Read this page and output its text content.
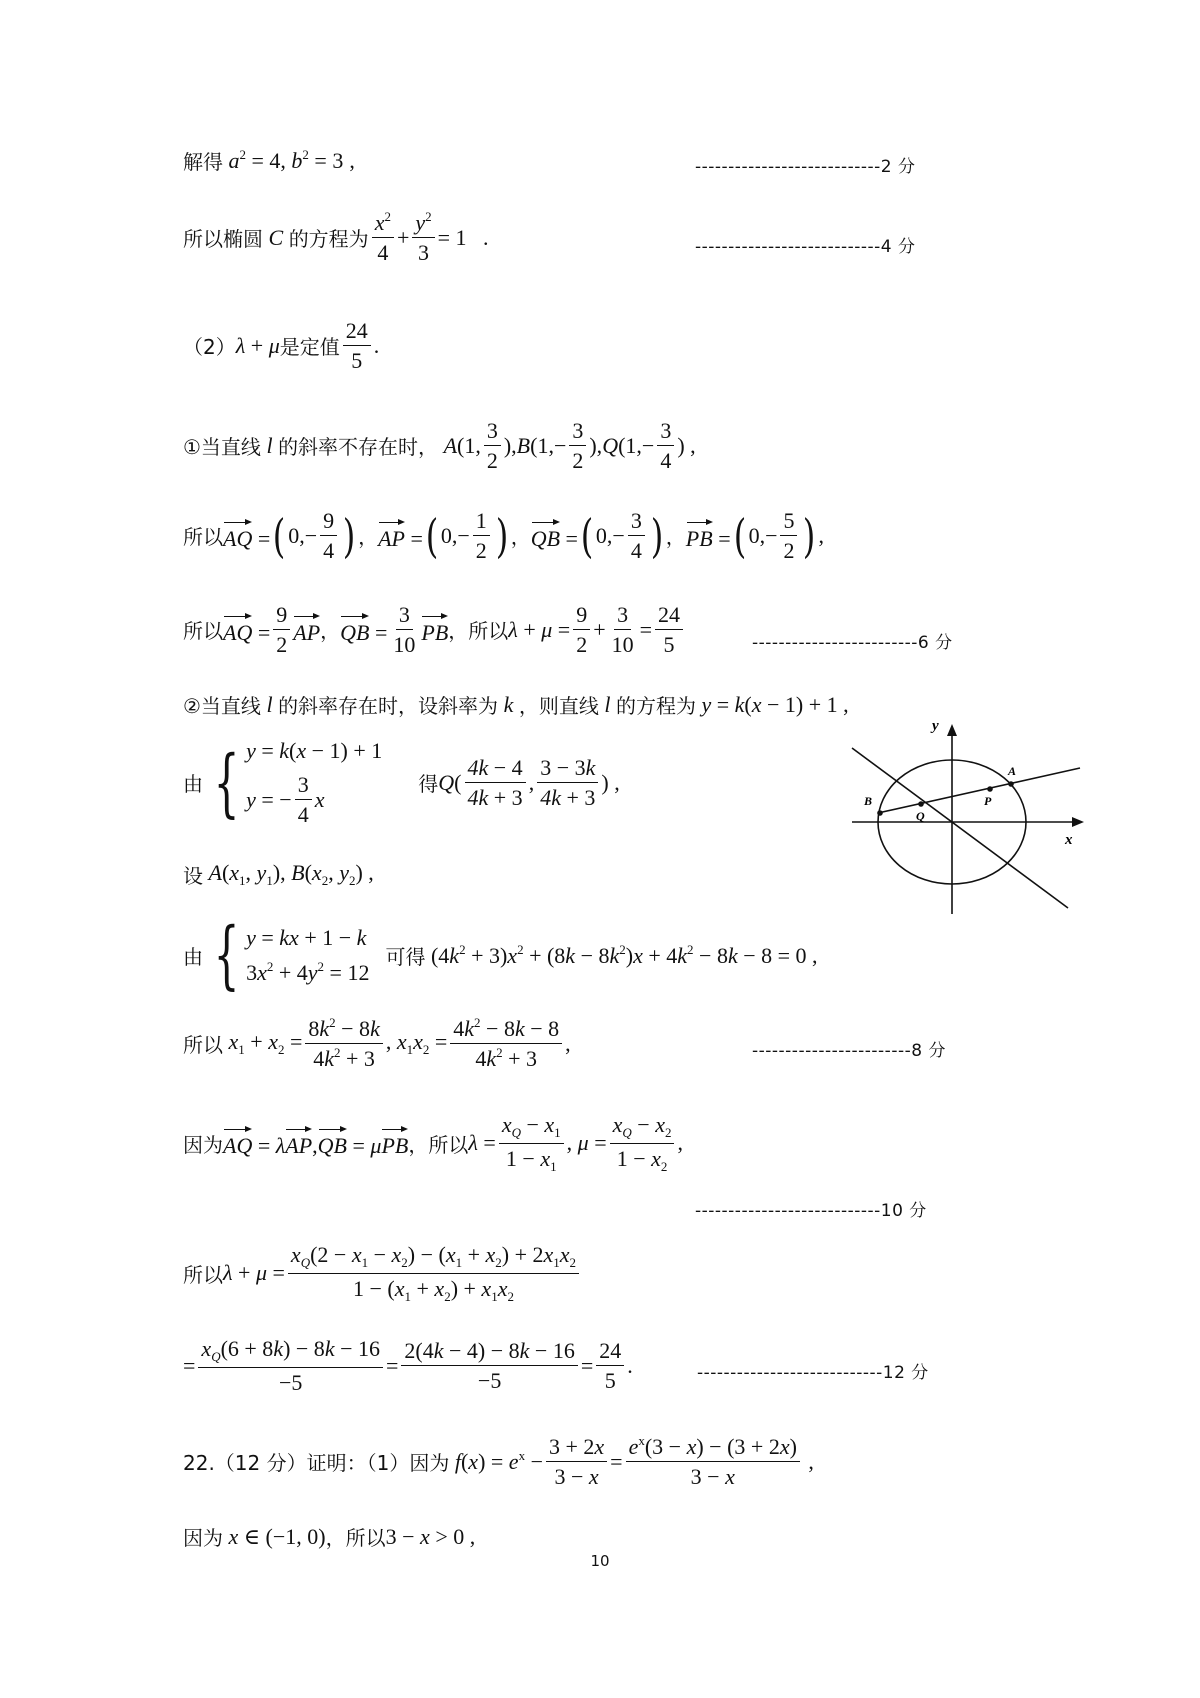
解得 $a^2 = 4$, $b^2 = 3$ ,	----------------------------2 分
所以椭圆 C 的方程为 $\frac{x^2}{4} + \frac{y^2}{3} = 1$   .	----------------------------4 分
（2） λ + μ 是定值 $\frac{24}{5}$ .
①当直线 l 的斜率不存在时， A(1, $\frac{3}{2}$ ), $B(1,- \frac{3}{2}$ ), $Q(1,- \frac{3}{4}$ ) ,
所以 AQ = ( $0,- \frac{9}{4}$ ) ， AP = ( $0,- \frac{1}{2}$ ) ， QB = ( $0,- \frac{3}{4}$ ) ， PB = ( $0,- \frac{5}{2}$ ) ,
所以 AQ = $\frac{9}{2}$ AP ， QB = $\frac{3}{10}$ PB ，所以 $\lambda + \mu = \frac{9}{2} + \frac{3}{10} = \frac{24}{5}$	-------------------------6 分
②当直线 l 的斜率存在时，设斜率为 k ，则直线 l 的方程为 y = k(x − 1) + 1 ,
由 { y = k(x − 1) + 1
y = − $\frac{3}{4}$ x
得 $Q( \frac{4k - 4}{4k + 3}$ , $\frac{3 - 3k}{4k + 3}$ ) ,
y
x
A
P
B
Q
设 $A(x_1$, $y_1$), $B(x_2$, $y_2$) ,
由 { y = kx + 1 − k
$3x^2 + 4y^2 = 12$
可得 $(4k^2 + 3)x^2 + (8k - 8k^2)x + 4k^2 - 8k - 8 = 0$ ,
所以 $x_1 + x_2 = \frac{8k^2 - 8k}{4k^2 + 3}$ , $x_1x_2 = \frac{4k^2 - 8k - 8}{4k^2 + 3}$ ,	------------------------8 分
因为 AQ = λAP,QB = μPB ，所以 $\lambda = \frac{x_Q - x_1}{1 - x_1}$ , $\mu = \frac{x_Q - x_2}{1 - x_2}$ ,
----------------------------10 分
所以 $\lambda + \mu = \frac{x_Q(2 - x_1 - x_2) - (x_1 + x_2) + 2x_1x_2}{1 - (x_1 + x_2) + x_1x_2}$
= $\frac{x_Q(6 + 8k) - 8k - 16}{-5} = \frac{2(4k - 4) - 8k - 16}{-5} = \frac{24}{5}$ .	----------------------------12 分
22.（12 分）证明：（1）因为 $f(x) = e^x - \frac{3 + 2x}{3 - x} = \frac{e^x(3 - x) - (3 + 2x)}{3 - x}$ ,
因为 x ∈ (−1, 0) ，所以 3 − x > 0 ,
10
